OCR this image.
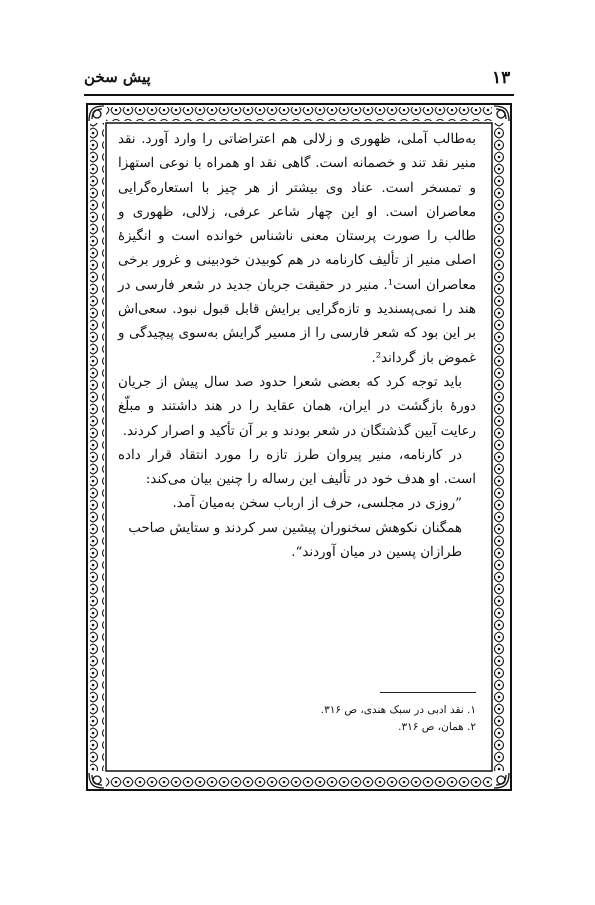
۱۳
پیش سخن

به‌طالب آملی، ظهوری و زلالی هم اعتراضاتی را وارد آورد. نقد منیر نقد تند و خصمانه است. گاهی نقد او همراه با نوعی استهزا و تمسخر است. عناد وی بیشتر از هر چیز با استعاره‌گرایی معاصران است. او این چهار شاعر عرفی، زلالی، ظهوری و طالب را صورت پرستان معنی ناشناس خوانده است و انگیزهٔ اصلی منیر از تألیف کارنامه در هم کوبیدن خودبینی و غرور برخی معاصران است¹. منیر در حقیقت جریان جدید در شعر فارسی در هند را نمی‌پسندید و تازه‌گرایی برایش قابل قبول نبود. سعی‌اش بر این بود که شعر فارسی را از مسیر گرایش به‌سوی پیچیدگی و غموض باز گرداند².

باید توجه کرد که بعضی شعرا حدود صد سال پیش از جریان دورهٔ بازگشت در ایران، همان عقاید را در هند داشتند و مبلّغ رعایت آیین گذشتگان در شعر بودند و بر آن تأکید و اصرار کردند.

در کارنامه، منیر پیروان طرز تازه را مورد انتقاد قرار داده است. او هدف خود در تألیف این رساله را چنین بیان می‌کند:

”روزی در مجلسی، حرف از ارباب سخن به‌میان آمد.

همگنان نکوهش سخنوران پیشین سر کردند و ستایش صاحب طرازان پسین در میان آوردند“.

۱. نقد ادبی در سبک هندی، ص ۳۱۶.

۲. همان، ص ۳۱۶.
